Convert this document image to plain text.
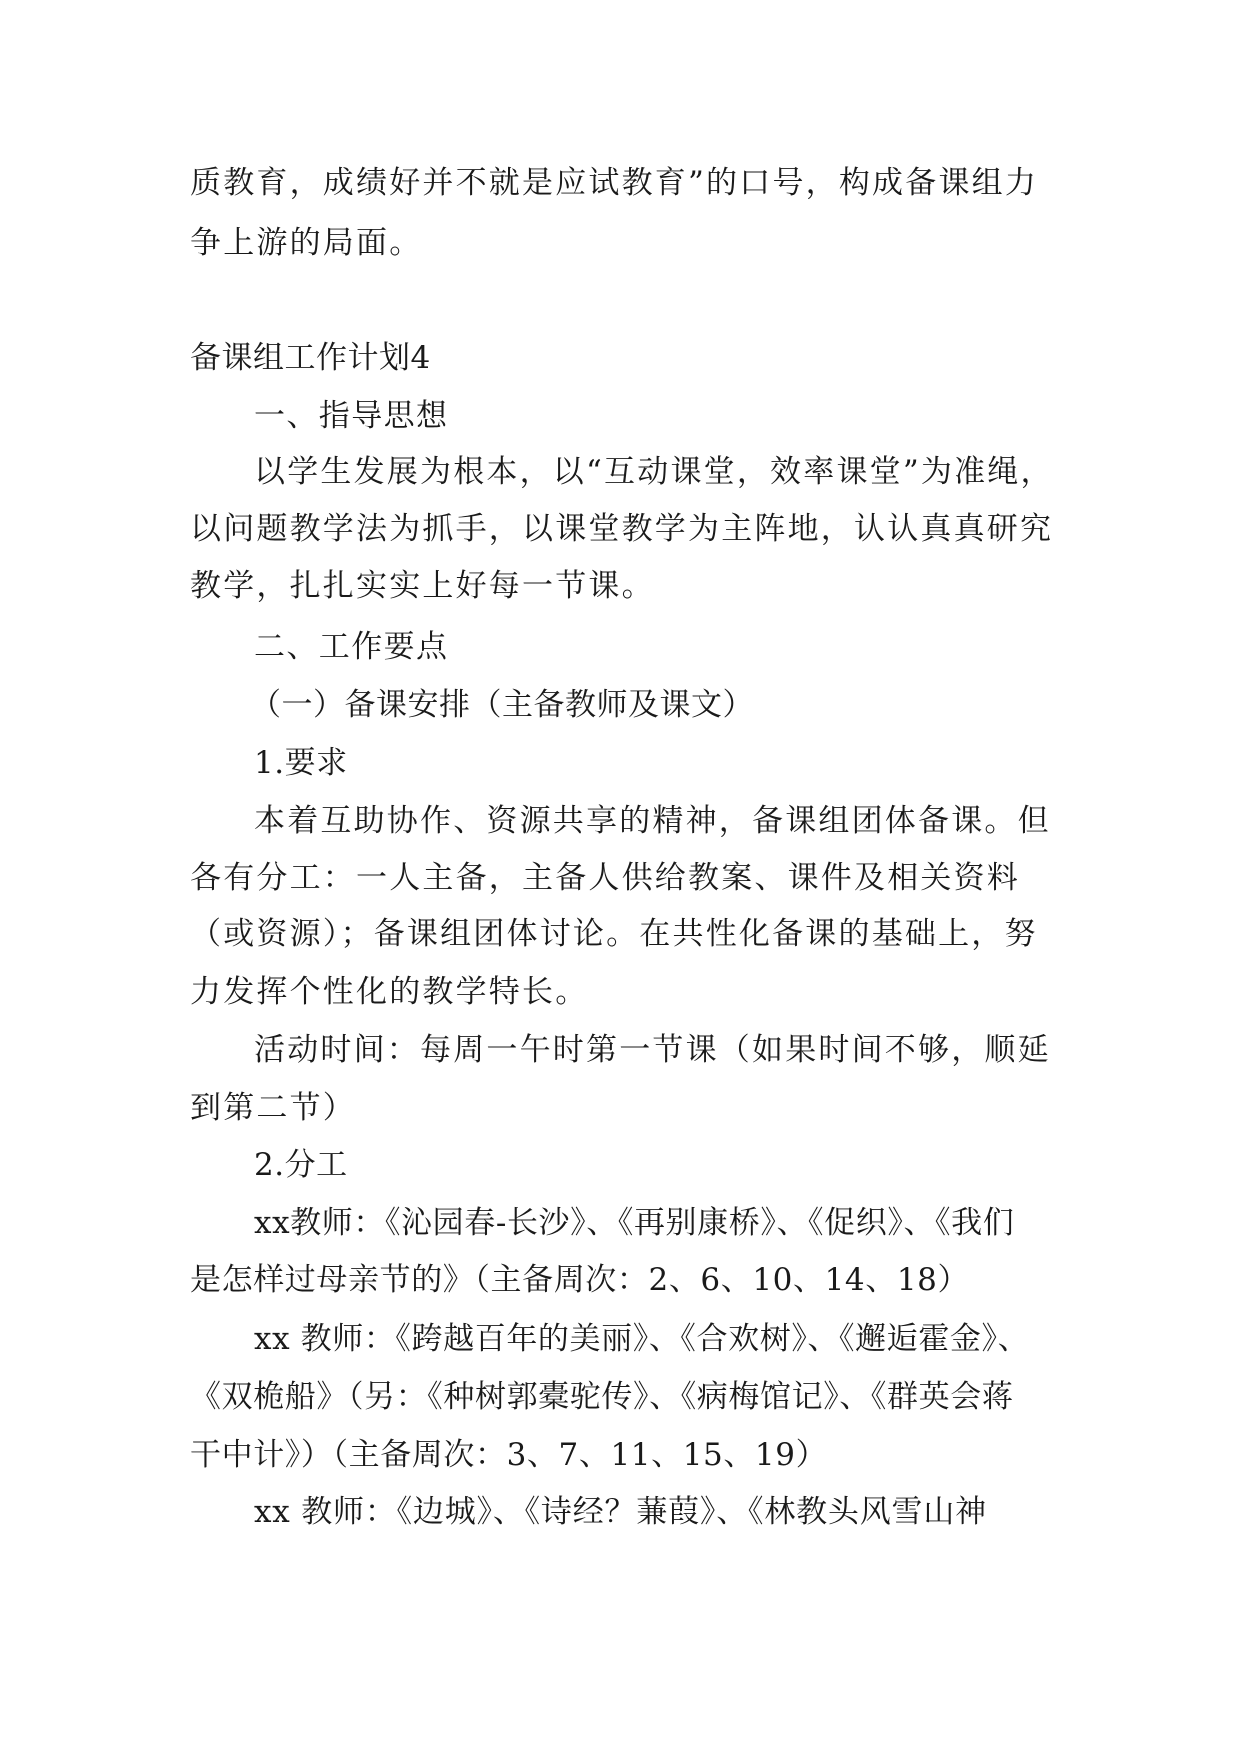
质教育，成绩好并不就是应试教育”的口号，构成备课组力
争上游的局面。
备课组工作计划4
一、指导思想
以学生发展为根本，以“互动课堂，效率课堂”为准绳，
以问题教学法为抓手，以课堂教学为主阵地，认认真真研究
教学，扎扎实实上好每一节课。
二、工作要点
（一）备课安排（主备教师及课文）
1.要求
本着互助协作、资源共享的精神，备课组团体备课。但
各有分工：一人主备，主备人供给教案、课件及相关资料
（或资源）；备课组团体讨论。在共性化备课的基础上，努
力发挥个性化的教学特长。
活动时间：每周一午时第一节课（如果时间不够，顺延
到第二节）
2.分工
xx教师：《沁园春-长沙》、《再别康桥》、《促织》、《我们
是怎样过母亲节的》（主备周次：2、6、10、14、18）
xx 教师：《跨越百年的美丽》、《合欢树》、《邂逅霍金》、
《双桅船》（另：《种树郭橐驼传》、《病梅馆记》、《群英会蒋
干中计》）（主备周次：3、7、11、15、19）
xx 教师：《边城》、《诗经？蒹葭》、《林教头风雪山神
